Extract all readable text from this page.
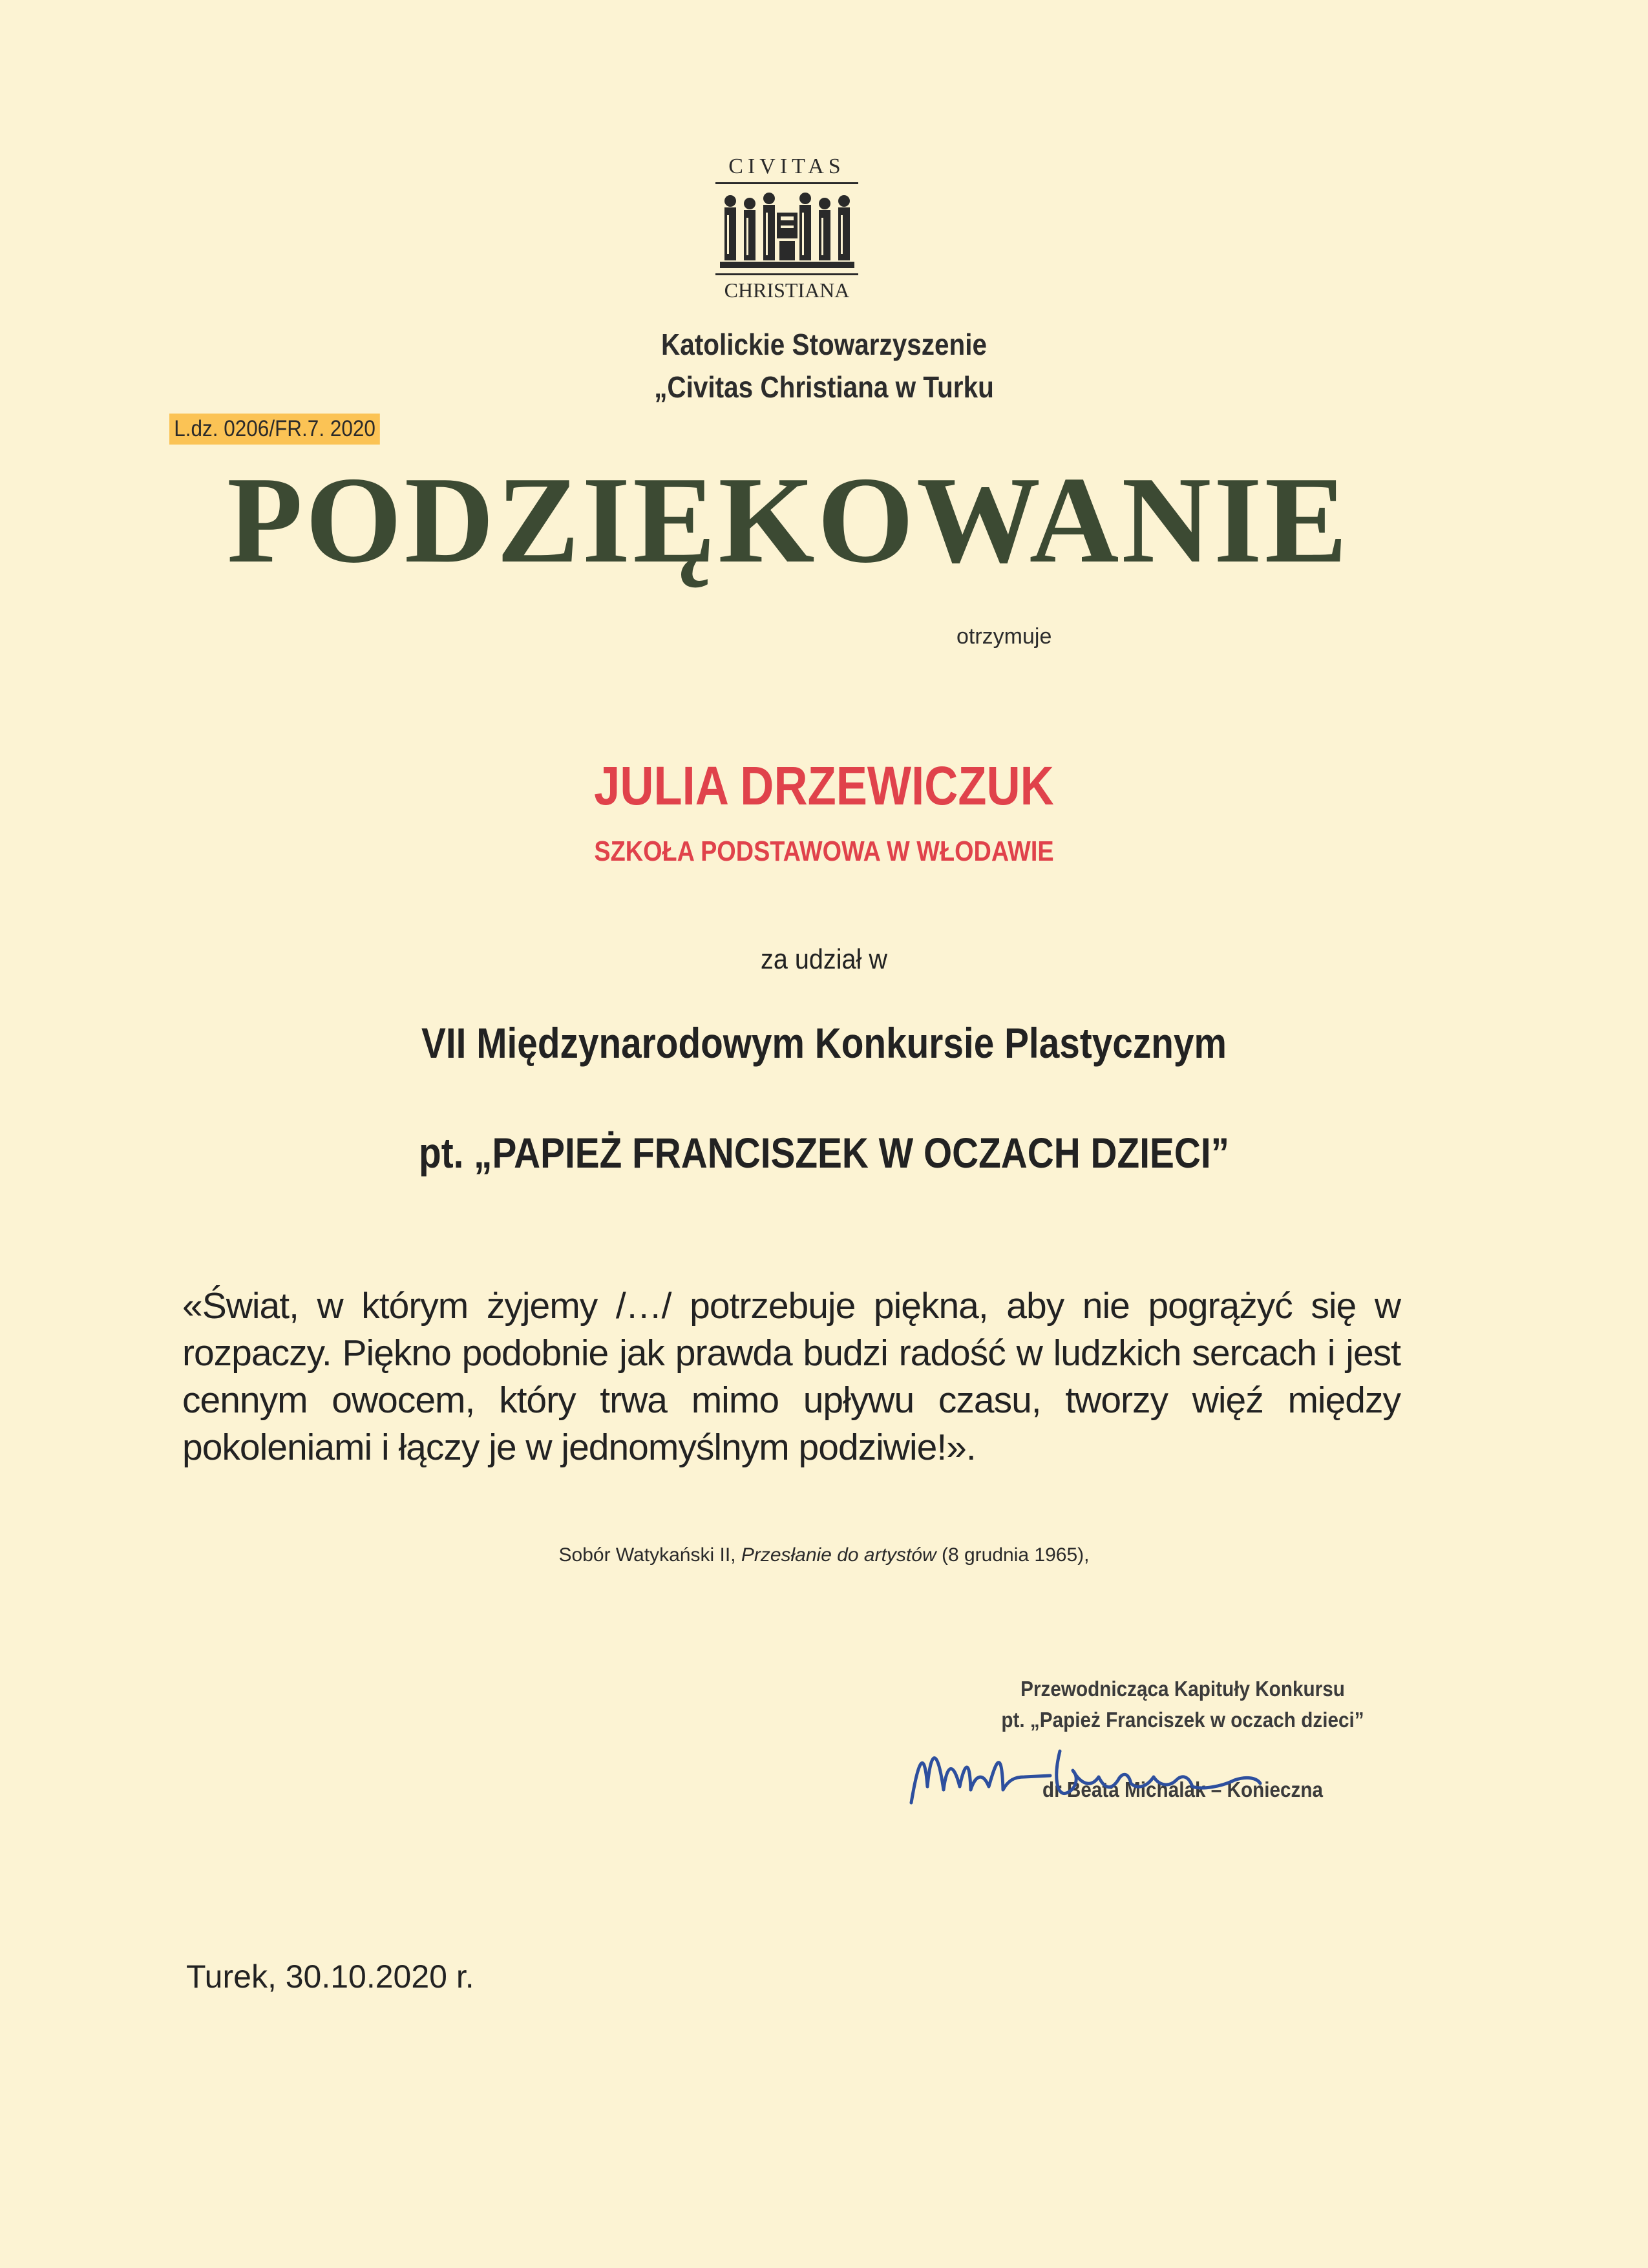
CIVITAS
CHRISTIANA
Katolickie Stowarzyszenie
„Civitas Christiana w Turku
L.dz. 0206/FR.7. 2020
PODZIĘKOWANIE
otrzymuje
JULIA DRZEWICZUK
SZKOŁA PODSTAWOWA W WŁODAWIE
za udział w
VII Międzynarodowym Konkursie Plastycznym
pt. „PAPIEŻ FRANCISZEK W OCZACH DZIECI”
«Świat, w którym żyjemy /…/ potrzebuje piękna, aby nie pogrążyć się w rozpaczy. Piękno podobnie jak prawda budzi radość w ludzkich sercach i jest cennym owocem, który trwa mimo upływu czasu, tworzy więź między pokoleniami i łączy je w jednomyślnym podziwie!».
Sobór Watykański II, Przesłanie do artystów (8 grudnia 1965),
Przewodnicząca Kapituły Konkursu
pt. „Papież Franciszek w oczach dzieci”
dr Beata Michalak – Konieczna
Turek, 30.10.2020 r.
